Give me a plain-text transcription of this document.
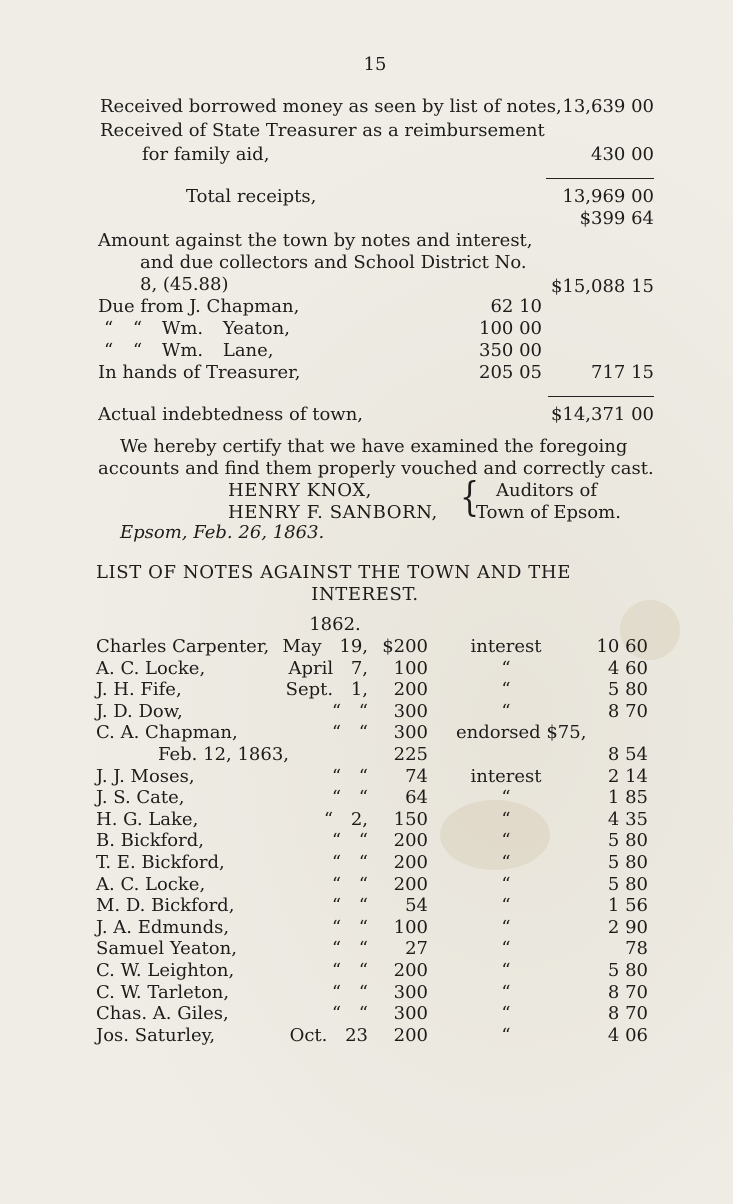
15
Received borrowed money as seen by list of notes, 13,639 00
Received of State Treasurer as a reimbursement
for family aid,	430 00
Total receipts,	13,969 00
$399 64
Amount against the town by notes and interest,
and due collectors and School District No.
8, (45.88)	$15,088 15
Due from J. Chapman,	62 10
“ “ Wm. Yeaton,	100 00
“ “ Wm. Lane,	350 00
In hands of Treasurer,	205 05	717 15
Actual indebtedness of town,	$14,371 00
We hereby certify that we have examined the foregoing
accounts and find them properly vouched and correctly cast.
HENRY KNOX,
HENRY F. SANBORN, { Auditors of
Town of Epsom.
Epsom, Feb. 26, 1863.
LIST OF NOTES AGAINST THE TOWN AND THE
INTEREST.
1862.
Charles Carpenter, May 19, $200	interest	10 60
A. C. Locke,	April 7,	100	“	4 60
J. H. Fife,	Sept. 1,	200	“	5 80
J. D. Dow,	“ “	300	“	8 70
C. A. Chapman,	“ “	300 endorsed $75,
Feb. 12, 1863,	225	8 54
J. J. Moses,	“ “	74	interest	2 14
J. S. Cate,	“ “	64	“	1 85
H. G. Lake,	“ 2,	150	“	4 35
B. Bickford,	“ “	200	“	5 80
T. E. Bickford,	“ “	200	“	5 80
A. C. Locke,	“ “	200	“	5 80
M. D. Bickford,	“ “	54	“	1 56
J. A. Edmunds,	“ “	100	“	2 90
Samuel Yeaton,	“ “	27	“	78
C. W. Leighton,	“ “	200	“	5 80
C. W. Tarleton,	“ “	300	“	8 70
Chas. A. Giles,	“ “	300	“	8 70
Jos. Saturley,	Oct. 23	200	“	4 06
